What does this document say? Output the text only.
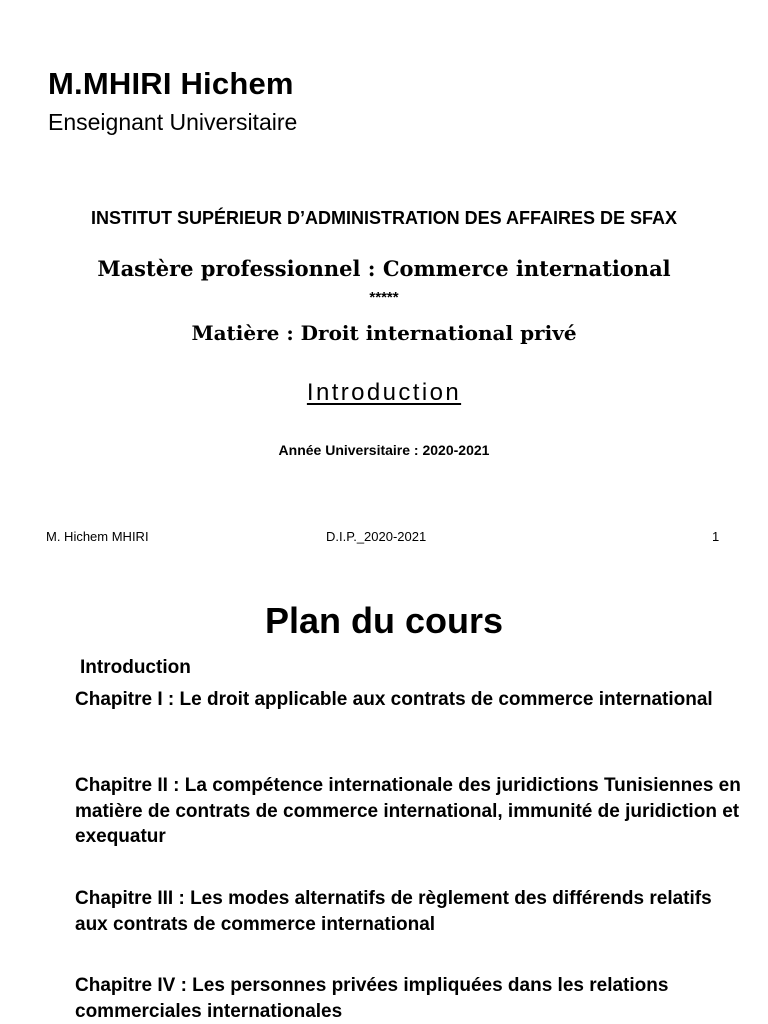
M.MHIRI Hichem
Enseignant Universitaire
INSTITUT SUPÉRIEUR D’ADMINISTRATION DES AFFAIRES DE SFAX
Mastère professionnel : Commerce international
*****
Matière : Droit international privé
Introduction
Année Universitaire : 2020-2021
M. Hichem MHIRI	D.I.P._2020-2021	1
Plan du cours
Introduction
Chapitre I : Le droit applicable aux contrats de commerce international
Chapitre II : La compétence internationale des juridictions Tunisiennes en matière de contrats de commerce international, immunité de juridiction et exequatur
Chapitre III : Les modes alternatifs de règlement des différends relatifs aux contrats de commerce international
Chapitre IV : Les personnes privées impliquées dans les relations commerciales internationales
